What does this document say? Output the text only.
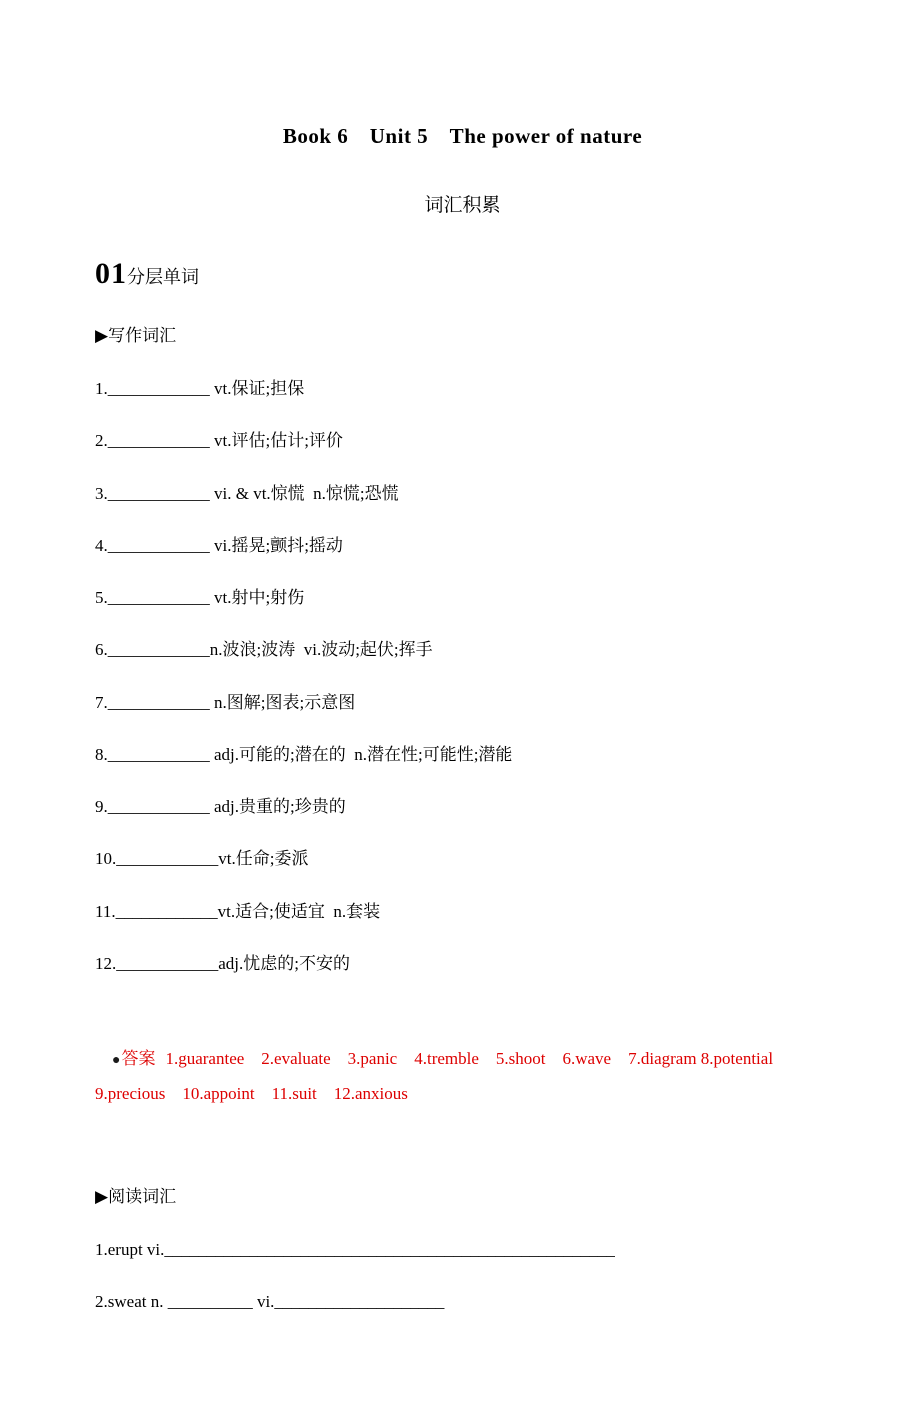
Book 6　Unit 5　The power of nature
词汇积累
01 分层单词
▶写作词汇
1.____________ vt.保证;担保
2.____________ vt.评估;估计;评价
3.____________ vi. & vt.惊慌  n.惊慌;恐慌
4.____________ vi.摇晃;颤抖;摇动
5.____________ vt.射中;射伤
6.____________n.波浪;波涛  vi.波动;起伏;挥手
7.____________ n.图解;图表;示意图
8.____________ adj.可能的;潜在的  n.潜在性;可能性;潜能
9.____________ adj.贵重的;珍贵的
10.____________vt.任命;委派
11.____________vt.适合;使适宜  n.套装
12.____________adj.忧虑的;不安的

●答案 1.guarantee　2.evaluate　3.panic　4.tremble　5.shoot　6.wave　7.diagram 8.potential　9.precious　10.appoint　11.suit　12.anxious

▶阅读词汇
1.erupt vi._____________________________________________________
2.sweat n. __________ vi.____________________
